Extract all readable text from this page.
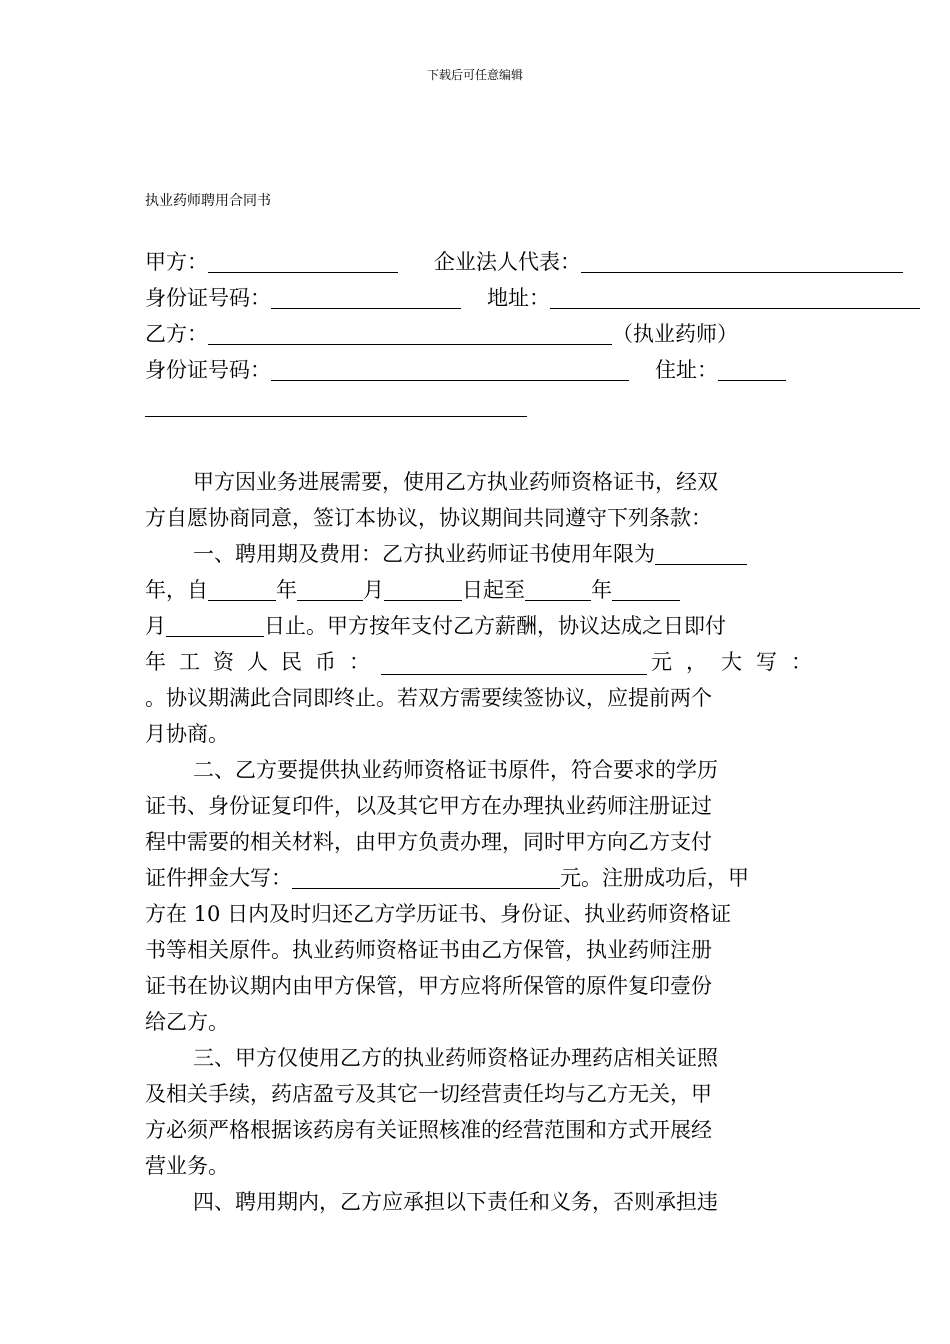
下载后可任意编辑
执业药师聘用合同书
甲方：	企业法人代表：
身份证号码：	地址：
乙方：	（执业药师）
身份证号码：	住址：
甲方因业务进展需要，使用乙方执业药师资格证书，经双
方自愿协商同意，签订本协议，协议期间共同遵守下列条款：
一、聘用期及费用：乙方执业药师证书使用年限为
年，自	年	月	日起至	年
月	日止。甲方按年支付乙方薪酬，协议达成之日即付
年工资人民币：	元，大写：
。协议期满此合同即终止。若双方需要续签协议，应提前两个
月协商。
二、乙方要提供执业药师资格证书原件，符合要求的学历
证书、身份证复印件，以及其它甲方在办理执业药师注册证过
程中需要的相关材料，由甲方负责办理，同时甲方向乙方支付
证件押金大写：	元。注册成功后，甲
方在 10 日内及时归还乙方学历证书、身份证、执业药师资格证
书等相关原件。执业药师资格证书由乙方保管，执业药师注册
证书在协议期内由甲方保管，甲方应将所保管的原件复印壹份
给乙方。
三、甲方仅使用乙方的执业药师资格证办理药店相关证照
及相关手续，药店盈亏及其它一切经营责任均与乙方无关，甲
方必须严格根据该药房有关证照核准的经营范围和方式开展经
营业务。
四、聘用期内，乙方应承担以下责任和义务，否则承担违
